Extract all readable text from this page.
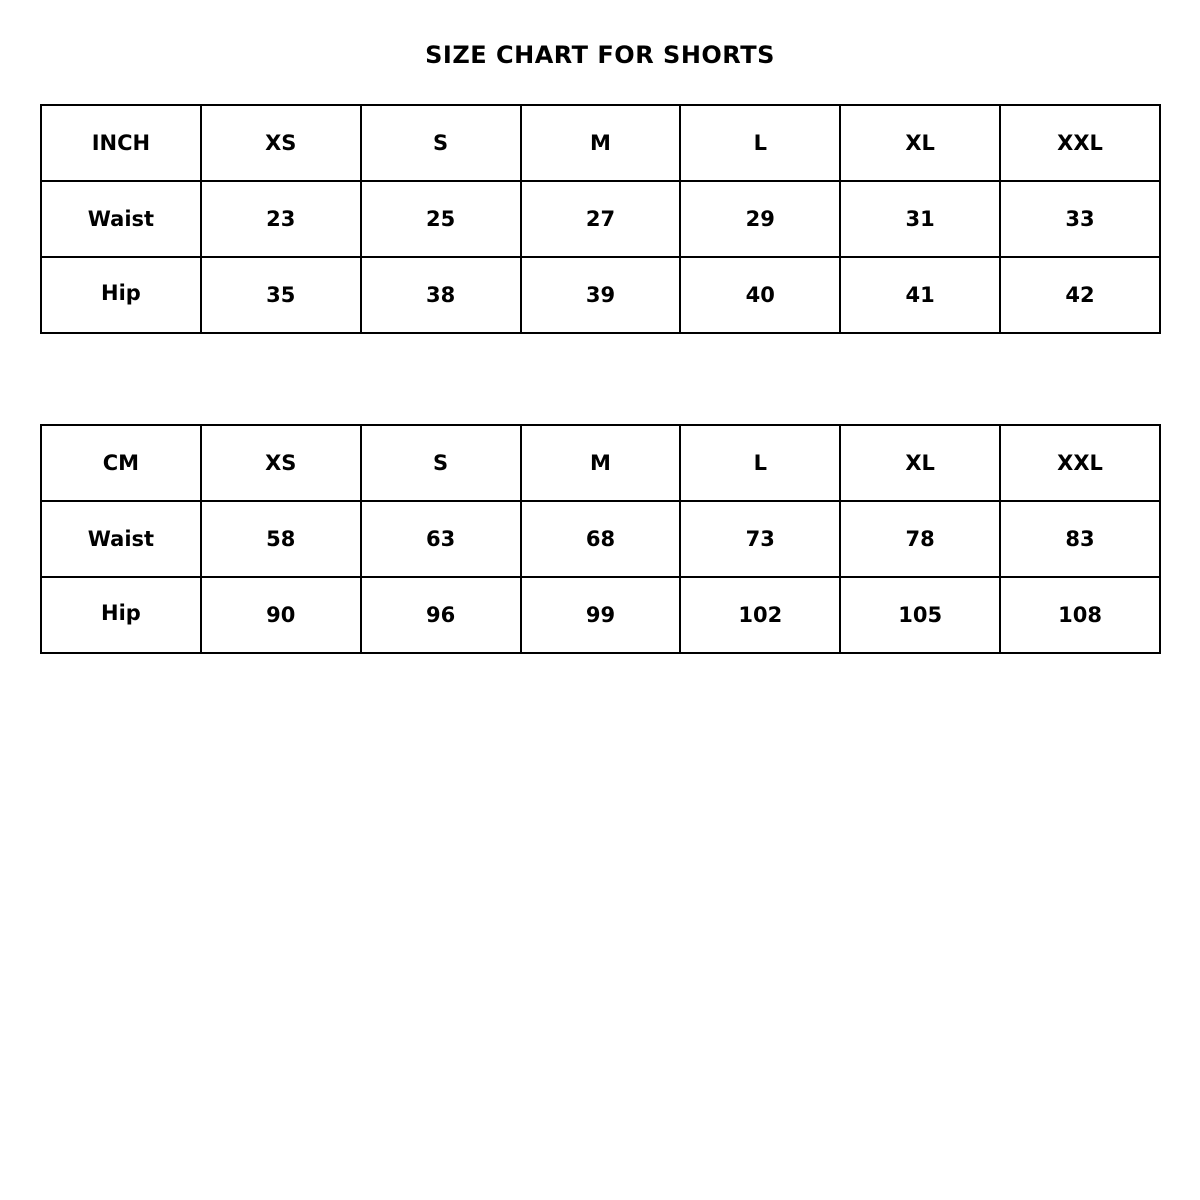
SIZE CHART FOR SHORTS
INCH	XS	S	M	L	XL	XXL
Waist	23	25	27	29	31	33
Hip	35	38	39	40	41	42
CM	XS	S	M	L	XL	XXL
Waist	58	63	68	73	78	83
Hip	90	96	99	102	105	108
